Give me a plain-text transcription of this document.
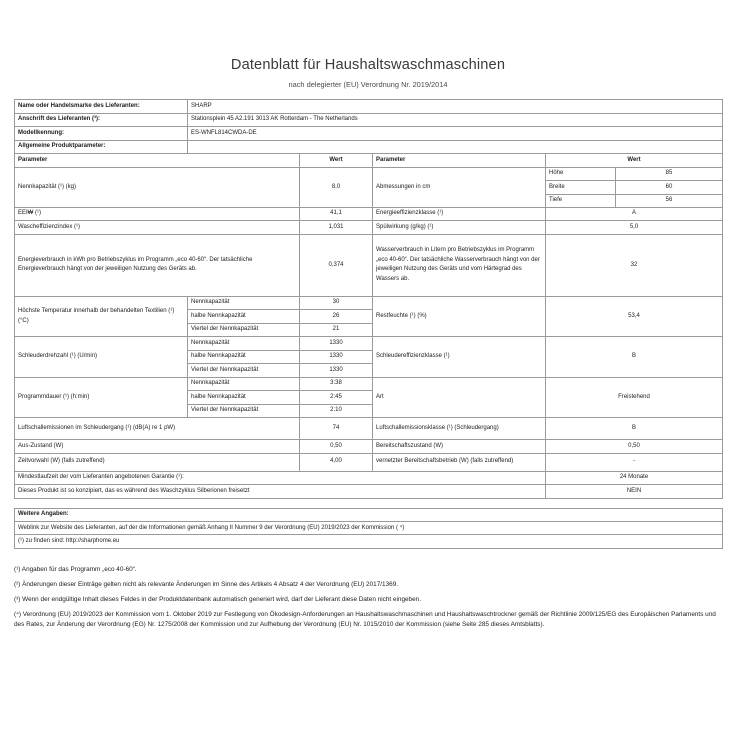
Datenblatt für Haushaltswaschmaschinen
nach delegierter (EU) Verordnung Nr. 2019/2014
Name oder Handelsmarke des Lieferanten:	SHARP				
Anschrift des Lieferanten (³):	Stationsplein 45 A2.191 3013 AK Rotterdam - The Netherlands				
Modellkennung:	ES-WNFL814CWDA-DE				
Allgemeine Produktparameter:					
Parameter		Wert	Parameter	Wert	
Nennkapazität (¹) (kg)		8,0	Abmessungen in cm	Höhe	85
				Breite	60
				Tiefe	56
EEI₩ (¹)		41,1	Energieeffizienzklasse (¹)	A	
Wascheffizienzindex (¹)		1,031	Spülwirkung (g/kg) (¹)	5,0	
Energieverbrauch in kWh pro Betriebszyklus im Programm „eco 40-60“. Der tatsächliche Energieverbrauch hängt von der jeweiligen Nutzung des Geräts ab.		0,374	Wasserverbrauch in Litern pro Betriebszyklus im Programm „eco 40-60“. Der tatsächliche Wasserverbrauch hängt von der jeweiligen Nutzung des Geräts und vom Härtegrad des Wassers ab.	32	
Höchste Temperatur innerhalb der behandelten Textilien (¹) (°C)	Nennkapazität	30	Restfeuchte (¹) (%)	53,4	
	halbe Nennkapazität	26			
	Viertel der Nennkapazität	21			
Schleuderdrehzahl (¹) (U/min)	Nennkapazität	1330	Schleudereffizienzklasse (¹)	B	
	halbe Nennkapazität	1330			
	Viertel der Nennkapazität	1330			
Programmdauer (¹) (h:min)	Nennkapazität	3:38	Art	Freistehend	
	halbe Nennkapazität	2:45			
	Viertel der Nennkapazität	2:10			
Luftschallemissionen im Schleudergang (¹) (dB(A) re 1 pW)		74	Luftschallemissionsklasse (¹) (Schleudergang)	B	
Aus-Zustand (W)		0,50	Bereitschaftszustand (W)	0,50	
Zeitvorwahl (W) (falls zutreffend)		4,00	vernetzter Bereitschaftsbetrieb (W) (falls zutreffend)	-	
Mindestlaufzeit der vom Lieferanten angebotenen Garantie (¹):				24 Monate	
Dieses Produkt ist so konzipiert, das es während des Waschzyklus Silberionen freisetzt				NEIN	
Weitere Angaben:
Weblink zur Website des Lieferanten, auf der die Informationen gemäß Anhang II Nummer 9 der Verordnung (EU) 2019/2023 der Kommission ( ⁴)
(¹) zu finden sind: http://sharphome.eu

(¹) Angaben für das Programm „eco 40-60“.

(²) Änderungen dieser Einträge gelten nicht als relevante Änderungen im Sinne des Artikels 4 Absatz 4 der Verordnung (EU) 2017/1369.

(³) Wenn der endgültige Inhalt dieses Feldes in der Produktdatenbank automatisch generiert wird, darf der Lieferant diese Daten nicht eingeben.

(⁴) Verordnung (EU) 2019/2023 der Kommission vom 1. Oktober 2019 zur Festlegung von Ökodesign-Anforderungen an Haushaltswaschmaschinen und Haushaltswaschtrockner gemäß der Richtlinie 2009/125/EG des Europäischen Parlaments und des Rates, zur Änderung der Verordnung (EG) Nr. 1275/2008 der Kommission und zur Aufhebung der Verordnung (EU) Nr. 1015/2010 der Kommission (siehe Seite 285 dieses Amtsblatts).
